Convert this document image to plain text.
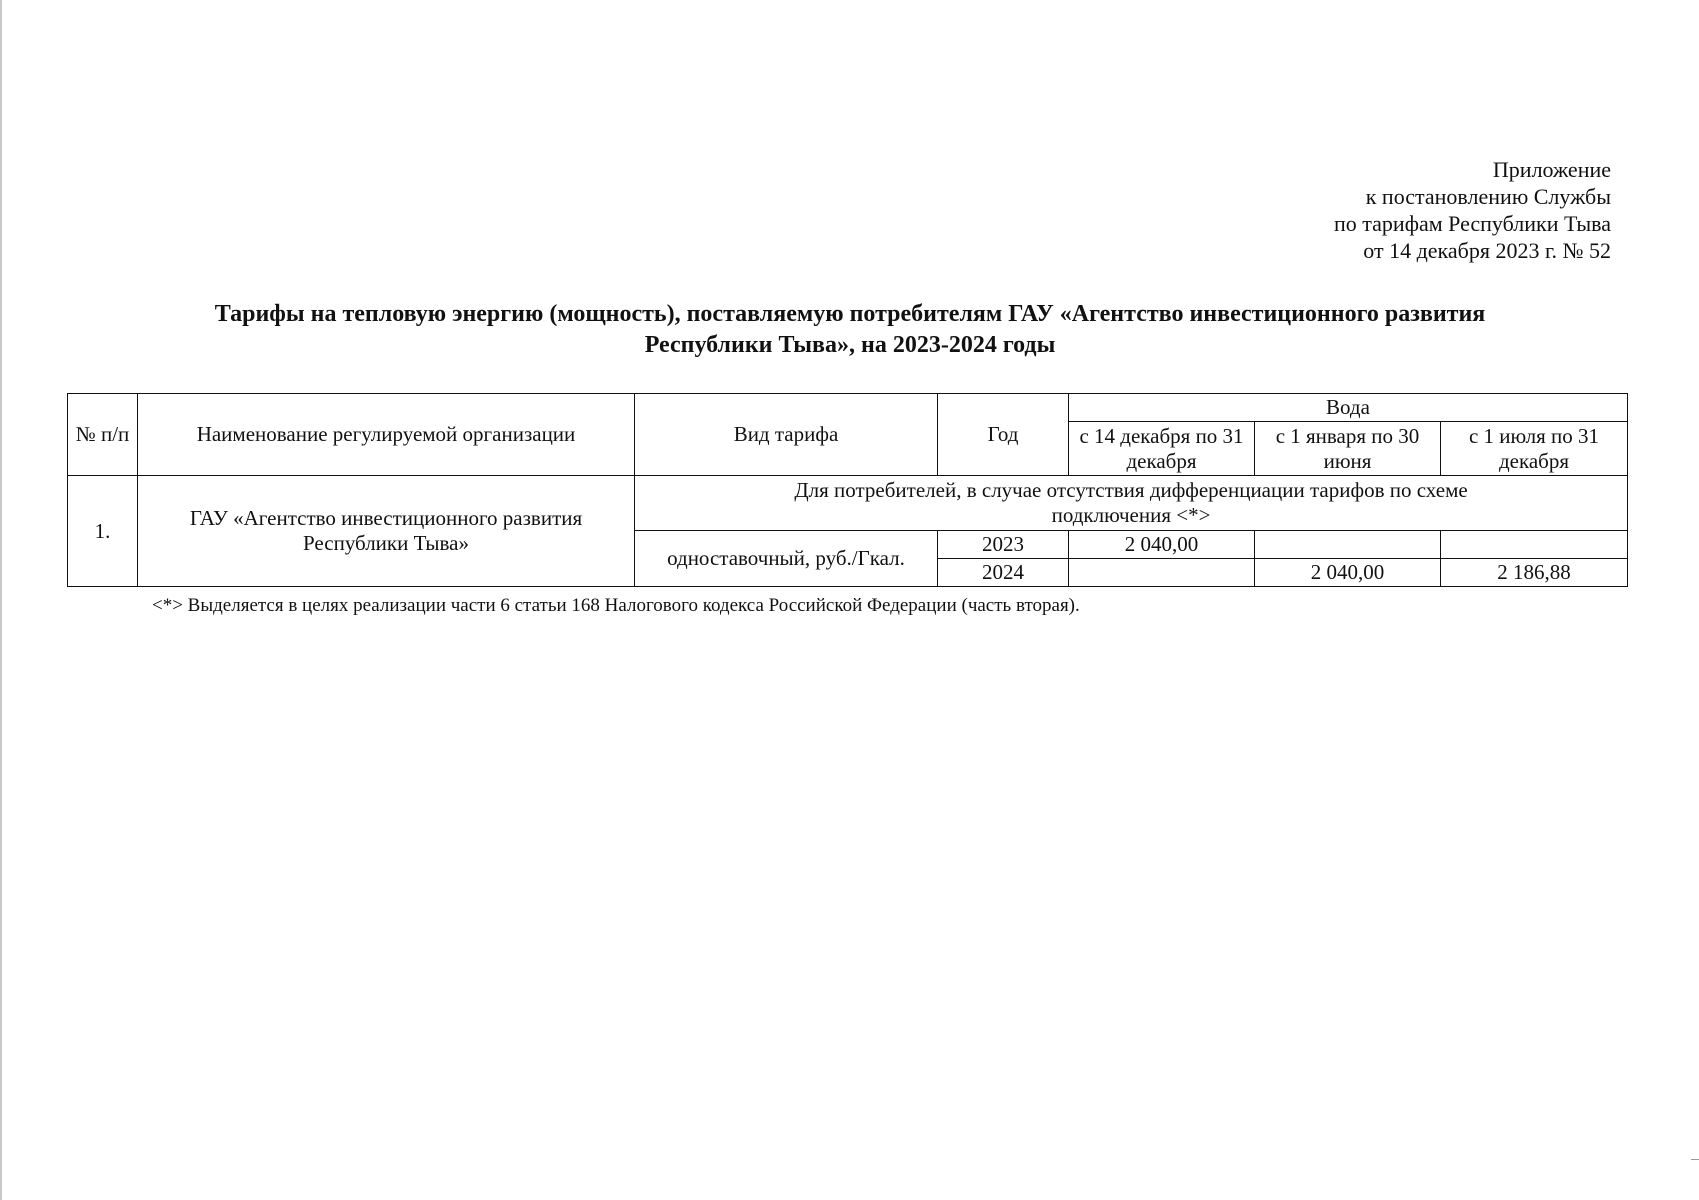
Приложение
к постановлению Службы
по тарифам Республики Тыва
от 14 декабря 2023 г. № 52
Тарифы на тепловую энергию (мощность), поставляемую потребителям ГАУ «Агентство инвестиционного развития
Республики Тыва», на 2023-2024 годы
№ п/п	Наименование регулируемой организации	Вид тарифа	Год	Вода		
				с 14 декабря по 31 декабря	с 1 января по 30 июня	с 1 июля по 31 декабря
1.	ГАУ «Агентство инвестиционного развития Республики Тыва»	Для потребителей, в случае отсутствия дифференциации тарифов по схеме подключения <*>				
		одноставочный, руб./Гкал.	2023	2 040,00		
			2024		2 040,00	2 186,88
<*> Выделяется в целях реализации части 6 статьи 168 Налогового кодекса Российской Федерации (часть вторая).
